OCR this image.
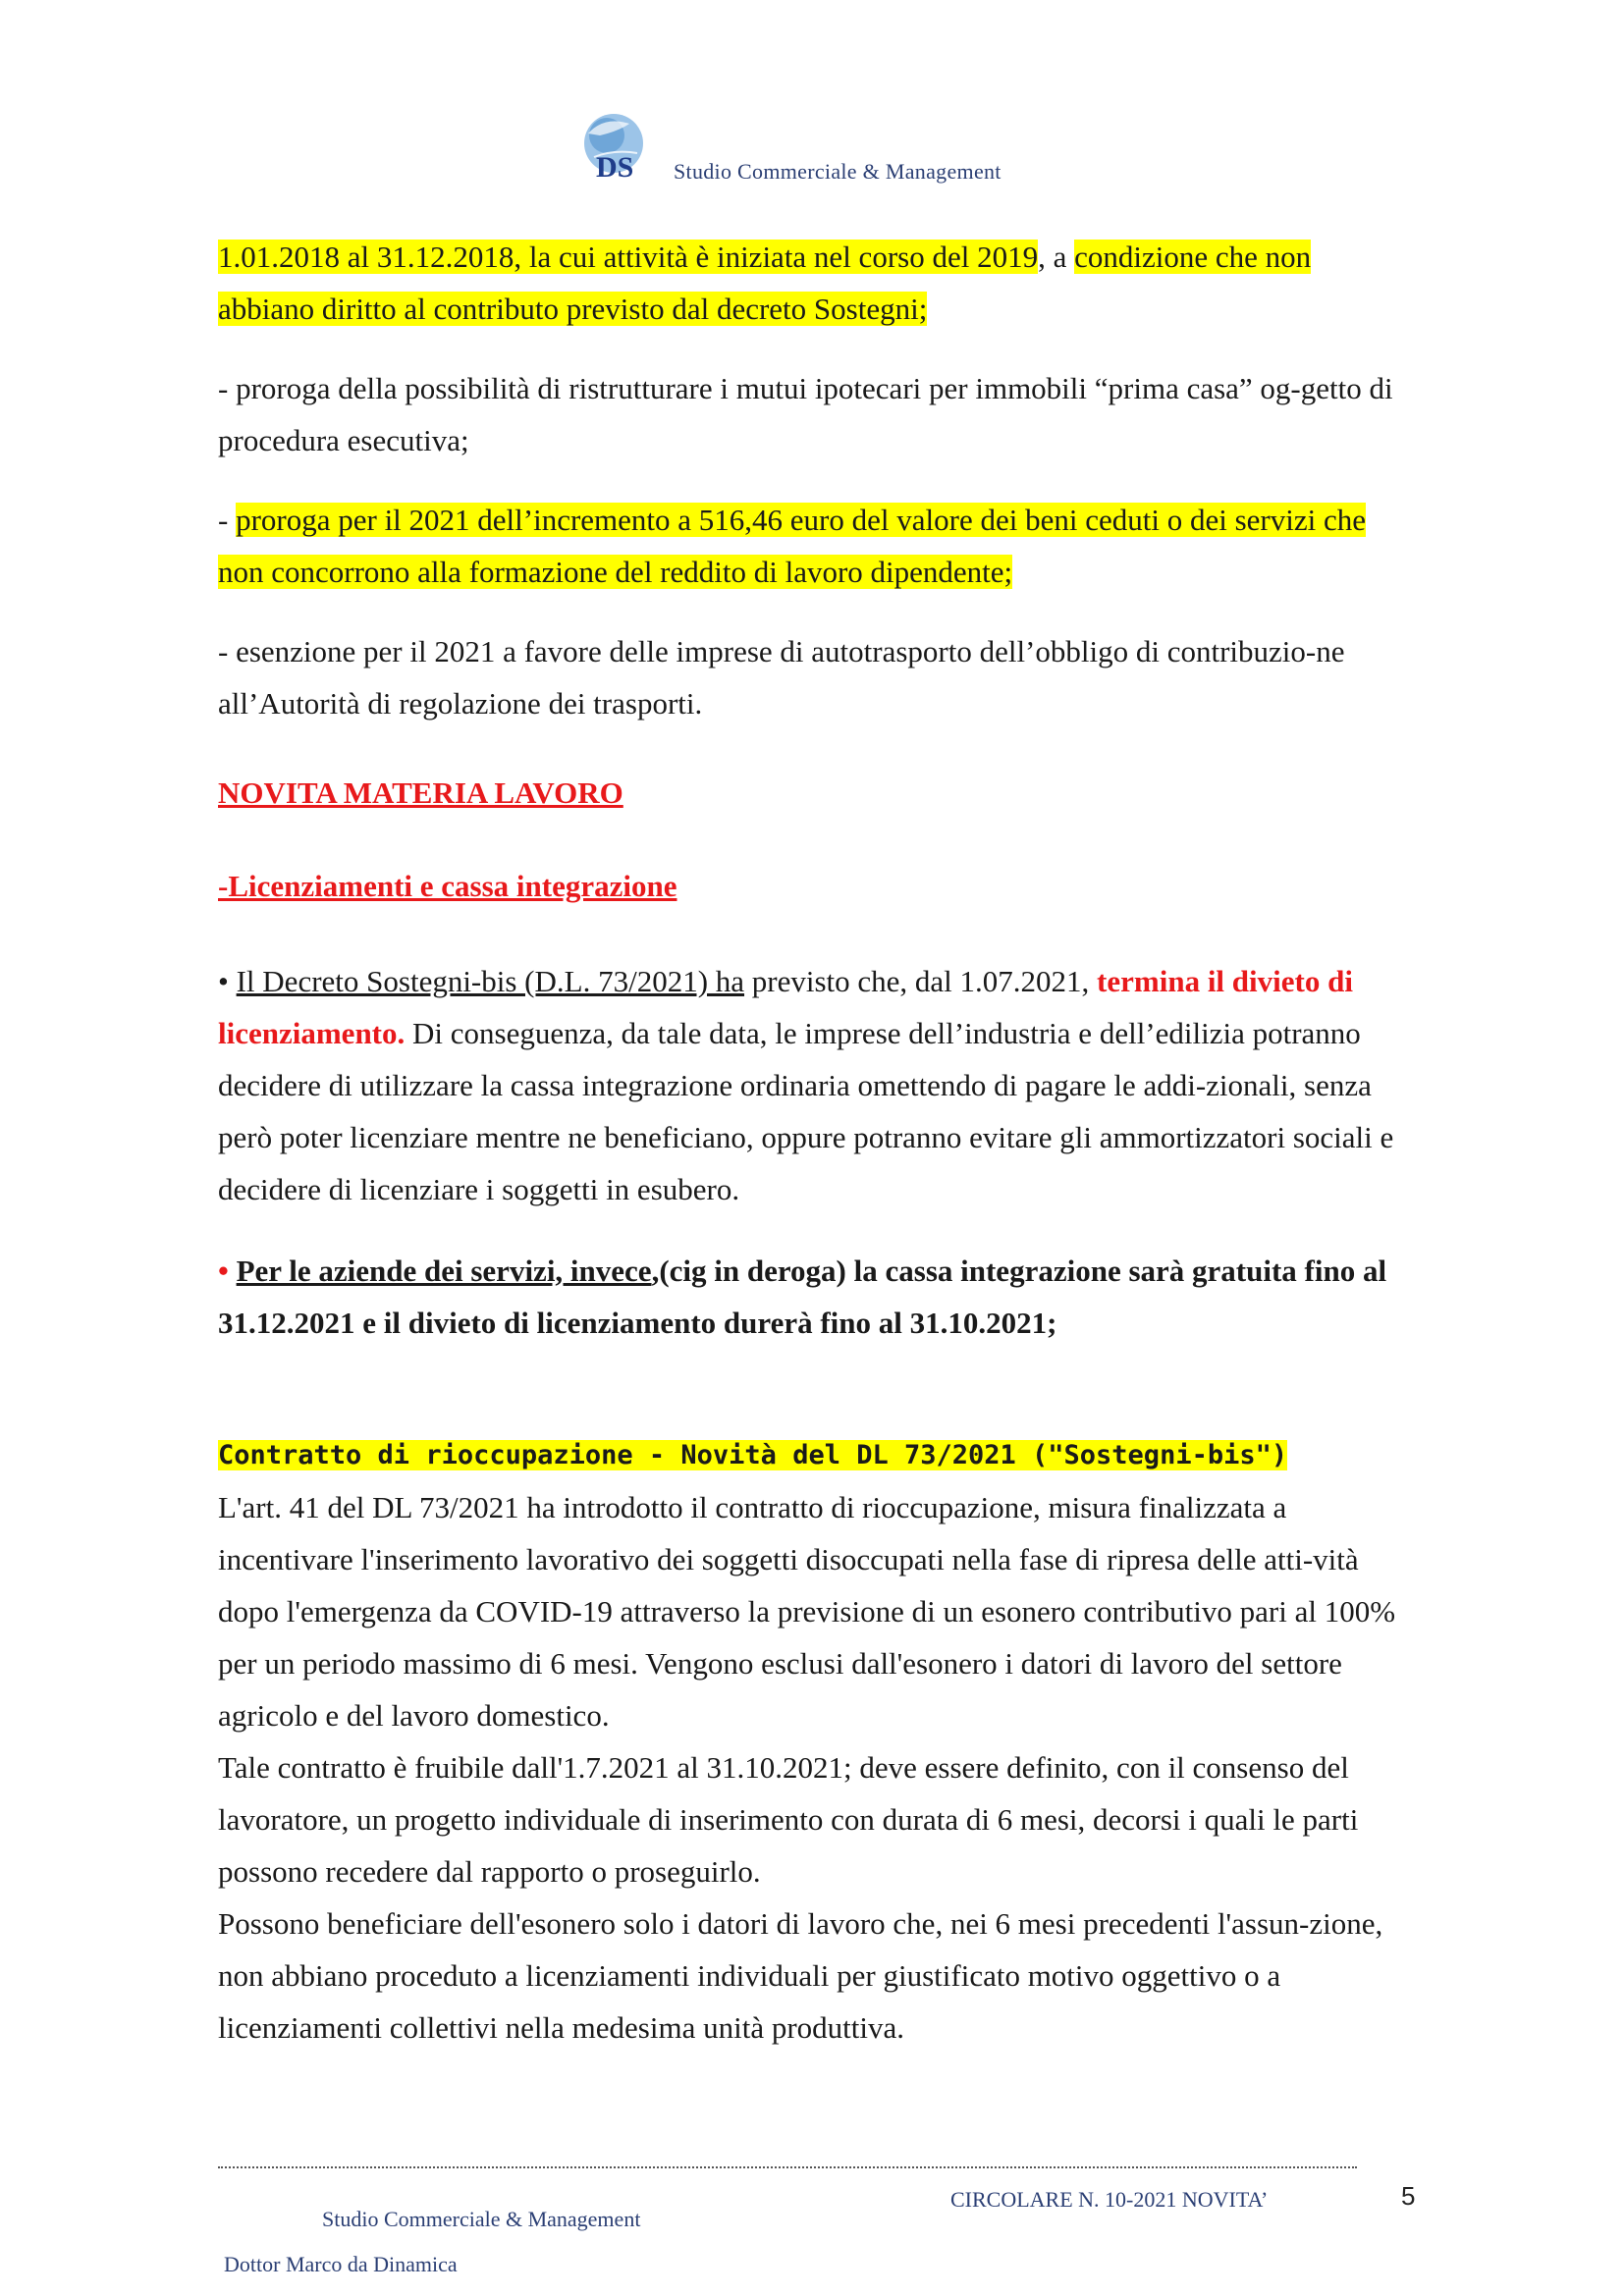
DS Studio Commerciale & Management

1.01.2018 al 31.12.2018, la cui attività è iniziata nel corso del 2019, a condizione che non abbiano diritto al contributo previsto dal decreto Sostegni;

- proroga della possibilità di ristrutturare i mutui ipotecari per immobili “prima casa” og-getto di procedura esecutiva;

- proroga per il 2021 dell’incremento a 516,46 euro del valore dei beni ceduti o dei servizi che non concorrono alla formazione del reddito di lavoro dipendente;

- esenzione per il 2021 a favore delle imprese di autotrasporto dell’obbligo di contribuzio-ne all’Autorità di regolazione dei trasporti.

NOVITA MATERIA LAVORO

-Licenziamenti e cassa integrazione

• Il Decreto Sostegni-bis (D.L. 73/2021) ha previsto che, dal 1.07.2021, termina il divieto di licenziamento. Di conseguenza, da tale data, le imprese dell’industria e dell’edilizia potranno decidere di utilizzare la cassa integrazione ordinaria omettendo di pagare le addi-zionali, senza però poter licenziare mentre ne beneficiano, oppure potranno evitare gli ammortizzatori sociali e decidere di licenziare i soggetti in esubero.

• Per le aziende dei servizi, invece,(cig in deroga) la cassa integrazione sarà gratuita fino al 31.12.2021 e il divieto di licenziamento durerà fino al 31.10.2021;

Contratto di rioccupazione - Novità del DL 73/2021 ("Sostegni-bis")

L'art. 41 del DL 73/2021 ha introdotto il contratto di rioccupazione, misura finalizzata a incentivare l'inserimento lavorativo dei soggetti disoccupati nella fase di ripresa delle atti-vità dopo l'emergenza da COVID-19 attraverso la previsione di un esonero contributivo pari al 100% per un periodo massimo di 6 mesi. Vengono esclusi dall'esonero i datori di lavoro del settore agricolo e del lavoro domestico.

Tale contratto è fruibile dall'1.7.2021 al 31.10.2021; deve essere definito, con il consenso del lavoratore, un progetto individuale di inserimento con durata di 6 mesi, decorsi i quali le parti possono recedere dal rapporto o proseguirlo.

Possono beneficiare dell'esonero solo i datori di lavoro che, nei 6 mesi precedenti l'assun-zione, non abbiano proceduto a licenziamenti individuali per giustificato motivo oggettivo o a licenziamenti collettivi nella medesima unità produttiva.

CIRCOLARE N. 10-2021 NOVITA’	5
Studio Commerciale & Management
Dottor Marco da Dinamica
